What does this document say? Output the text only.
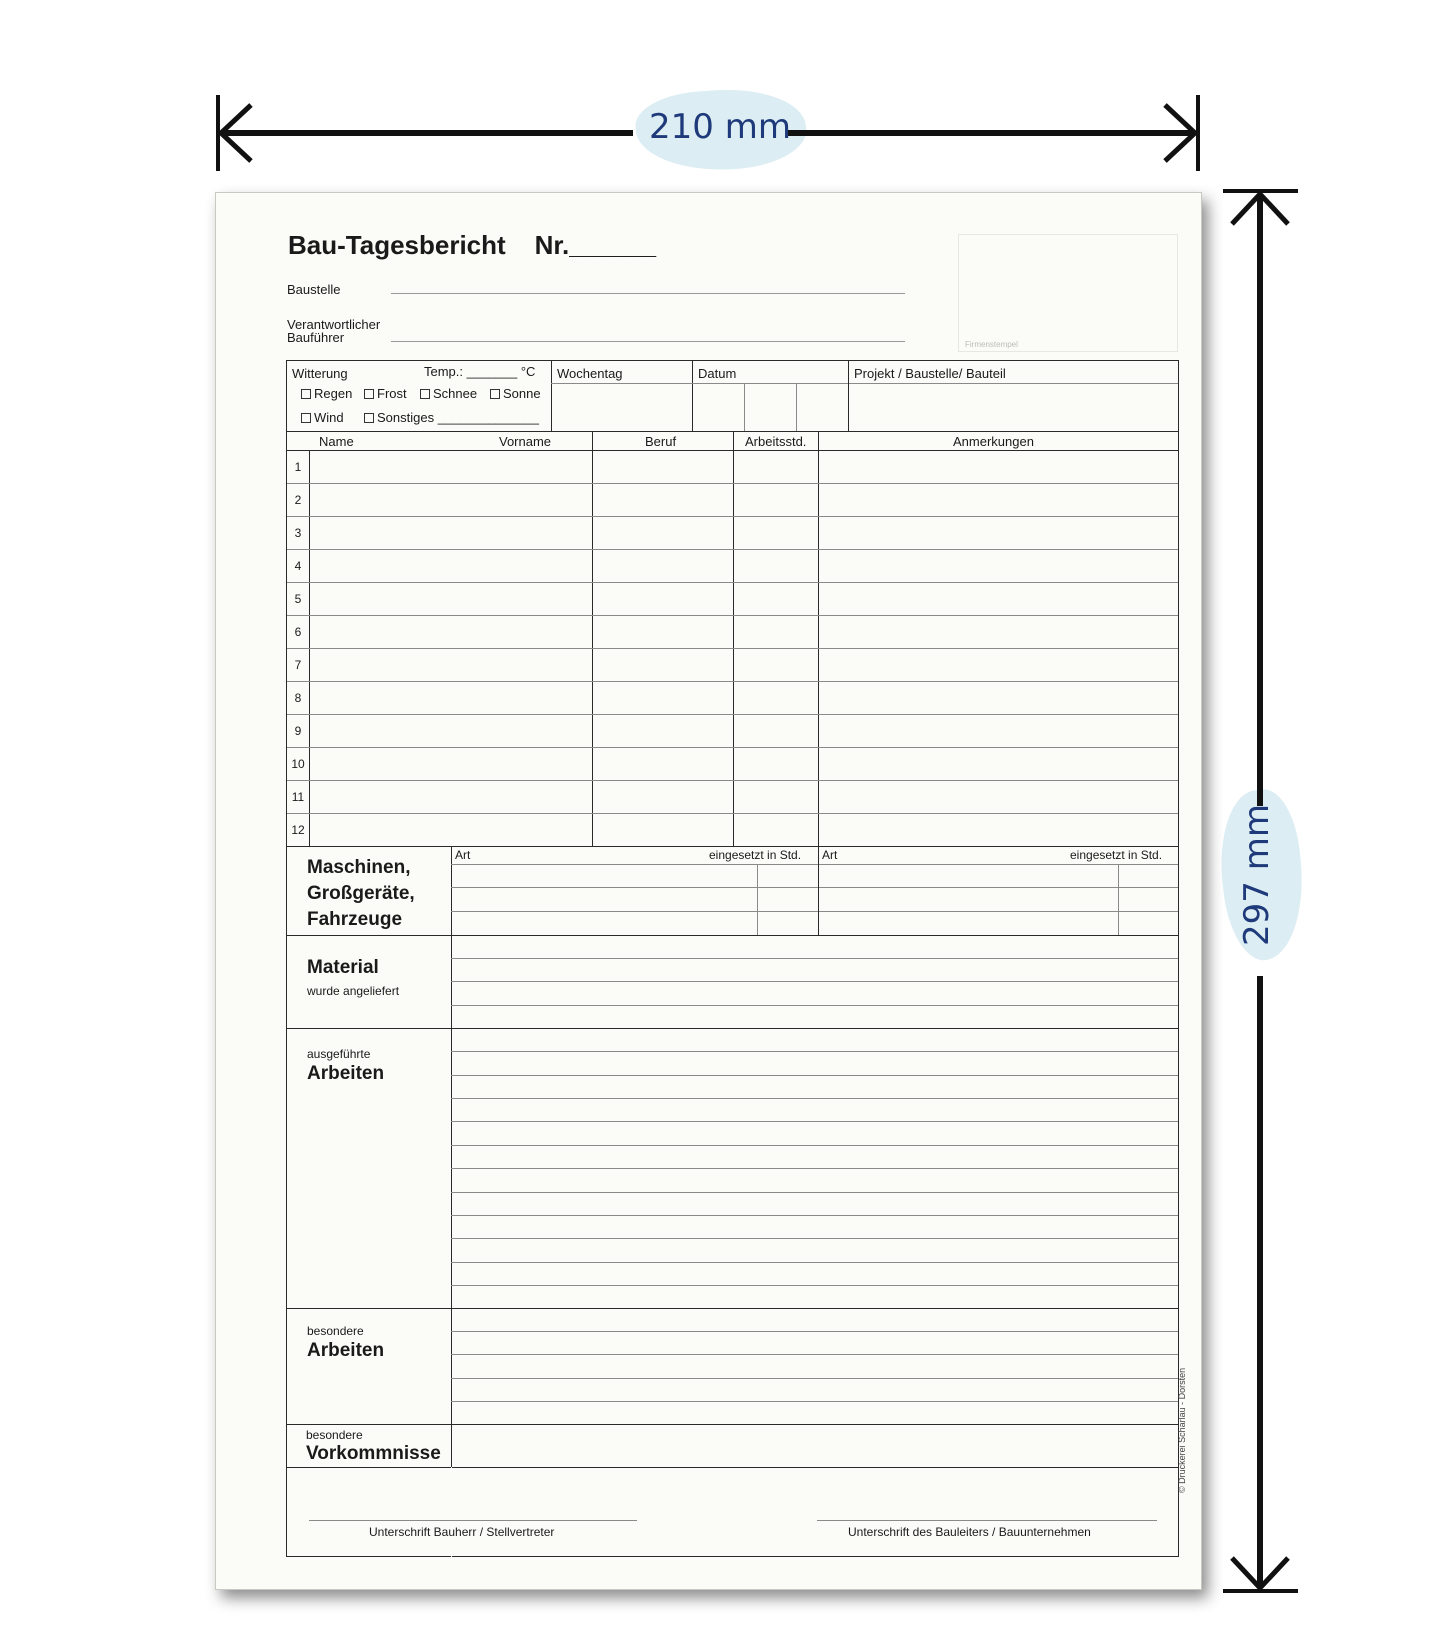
210 mm
297 mm
Bau-Tagesbericht Nr.______
Baustelle
Verantwortlicher
Bauführer	Firmenstempel
Witterung	Temp.: _______ °C
Regen	Frost	Schnee	Sonne
Wind	Sonstiges ______________
Wochentag	Datum	Projekt / Baustelle/ Bauteil
Name	Vorname	Beruf	Arbeitsstd.	Anmerkungen
1
2
3
4
5
6
7
8
9
10
11
12
Maschinen,
Großgeräte,
Fahrzeuge
Art	eingesetzt in Std. Art	eingesetzt in Std.
Material
wurde angeliefert
ausgeführte
Arbeiten
besondere
Arbeiten
besondere
Vorkommnisse
Unterschrift Bauherr / Stellvertreter	Unterschrift des Bauleiters / Bauunternehmen
© Druckerei Scharlau - Dorsten
